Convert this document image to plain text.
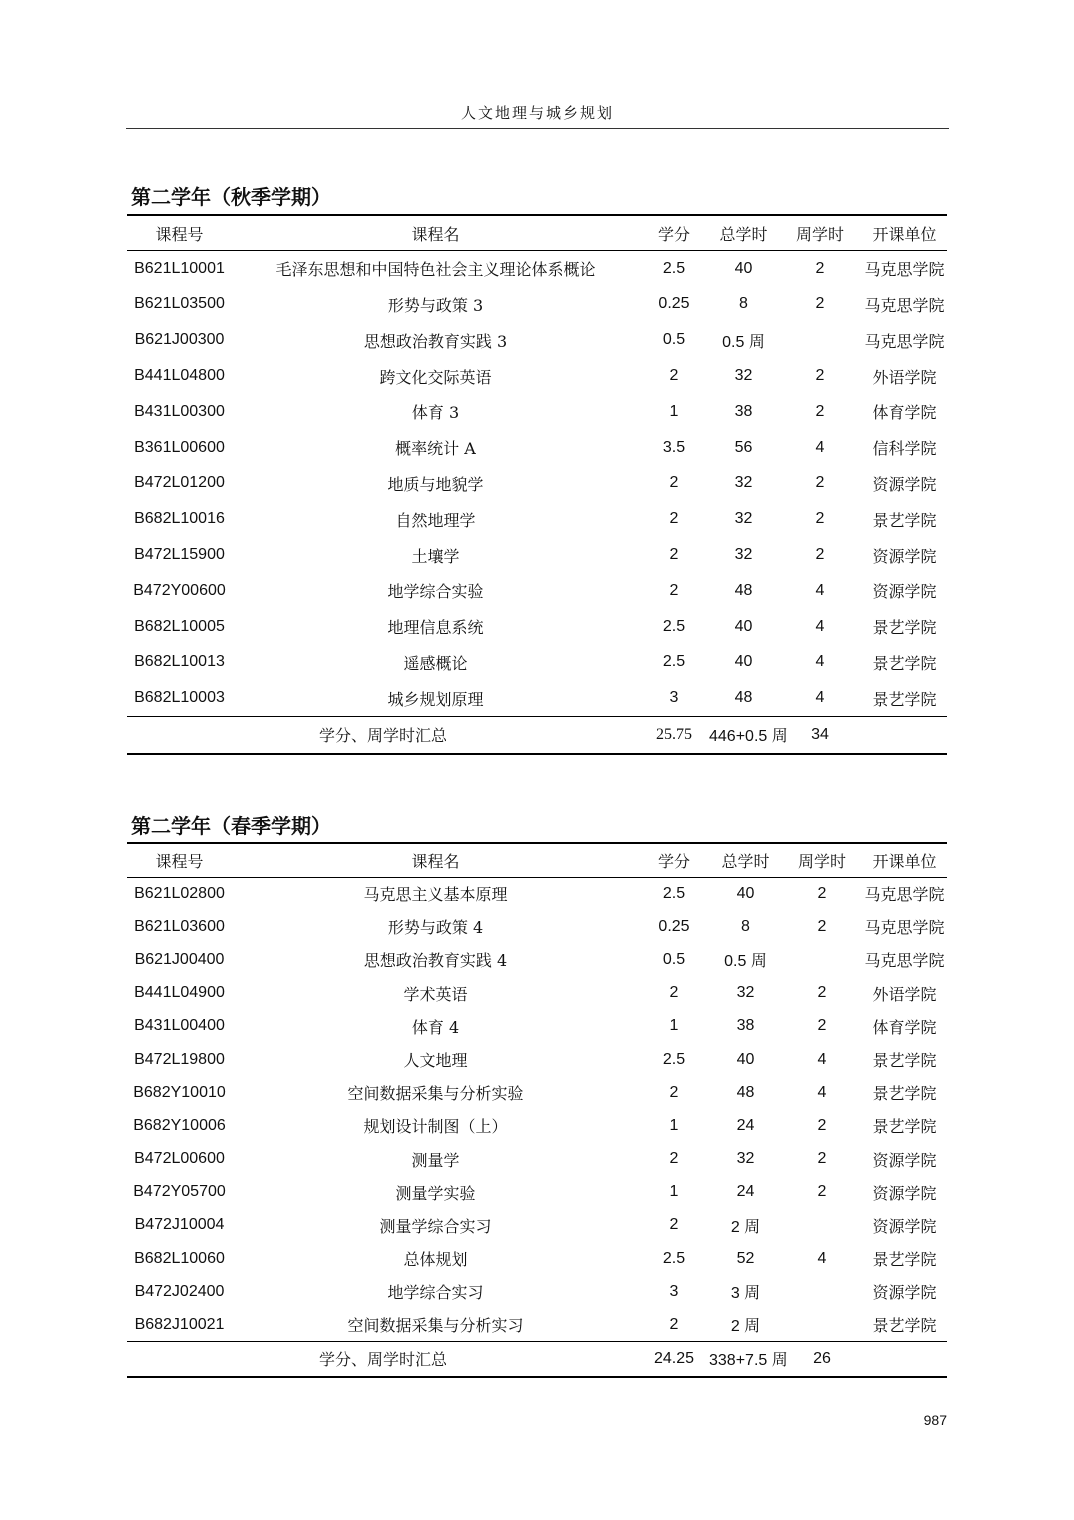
人文地理与城乡规划
第二学年（秋季学期）
课程号	课程名	学分	总学时	周学时	开课单位
B621L10001	毛泽东思想和中国特色社会主义理论体系概论	2.5	40	2	马克思学院
B621L03500	形势与政策 3	0.25	8	2	马克思学院
B621J00300	思想政治教育实践 3	0.5	0.5 周		马克思学院
B441L04800	跨文化交际英语	2	32	2	外语学院
B431L00300	体育 3	1	38	2	体育学院
B361L00600	概率统计 A	3.5	56	4	信科学院
B472L01200	地质与地貌学	2	32	2	资源学院
B682L10016	自然地理学	2	32	2	景艺学院
B472L15900	土壤学	2	32	2	资源学院
B472Y00600	地学综合实验	2	48	4	资源学院
B682L10005	地理信息系统	2.5	40	4	景艺学院
B682L10013	遥感概论	2.5	40	4	景艺学院
B682L10003	城乡规划原理	3	48	4	景艺学院
学分、周学时汇总		25.75	446+0.5 周	34	
第二学年（春季学期）
课程号	课程名	学分	总学时	周学时	开课单位
B621L02800	马克思主义基本原理	2.5	40	2	马克思学院
B621L03600	形势与政策 4	0.25	8	2	马克思学院
B621J00400	思想政治教育实践 4	0.5	0.5 周		马克思学院
B441L04900	学术英语	2	32	2	外语学院
B431L00400	体育 4	1	38	2	体育学院
B472L19800	人文地理	2.5	40	4	景艺学院
B682Y10010	空间数据采集与分析实验	2	48	4	景艺学院
B682Y10006	规划设计制图（上）	1	24	2	景艺学院
B472L00600	测量学	2	32	2	资源学院
B472Y05700	测量学实验	1	24	2	资源学院
B472J10004	测量学综合实习	2	2 周		资源学院
B682L10060	总体规划	2.5	52	4	景艺学院
B472J02400	地学综合实习	3	3 周		资源学院
B682J10021	空间数据采集与分析实习	2	2 周		景艺学院
学分、周学时汇总		24.25	338+7.5 周	26	
987
